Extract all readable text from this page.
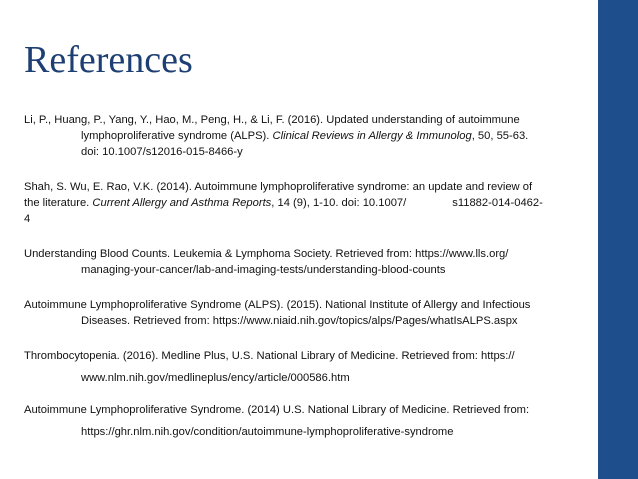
References
Li, P., Huang, P., Yang, Y., Hao, M., Peng, H., & Li, F. (2016). Updated understanding of autoimmune
lymphoproliferative syndrome (ALPS). Clinical Reviews in Allergy & Immunolog, 50, 55-63.
doi: 10.1007/s12016-015-8466-y
Shah, S. Wu, E. Rao, V.K. (2014). Autoimmune lymphoproliferative syndrome: an update and review of
the literature. Current Allergy and Asthma Reports, 14 (9), 1-10. doi: 10.1007/	s11882-014-0462-
4
Understanding Blood Counts. Leukemia & Lymphoma Society. Retrieved from: https://www.lls.org/
managing-your-cancer/lab-and-imaging-tests/understanding-blood-counts
Autoimmune Lymphoproliferative Syndrome (ALPS). (2015). National Institute of Allergy and Infectious
Diseases. Retrieved from: https://www.niaid.nih.gov/topics/alps/Pages/whatIsALPS.aspx
Thrombocytopenia. (2016). Medline Plus, U.S. National Library of Medicine. Retrieved from: https://
www.nlm.nih.gov/medlineplus/ency/article/000586.htm
Autoimmune Lymphoproliferative Syndrome. (2014) U.S. National Library of Medicine. Retrieved from:
https://ghr.nlm.nih.gov/condition/autoimmune-lymphoproliferative-syndrome
